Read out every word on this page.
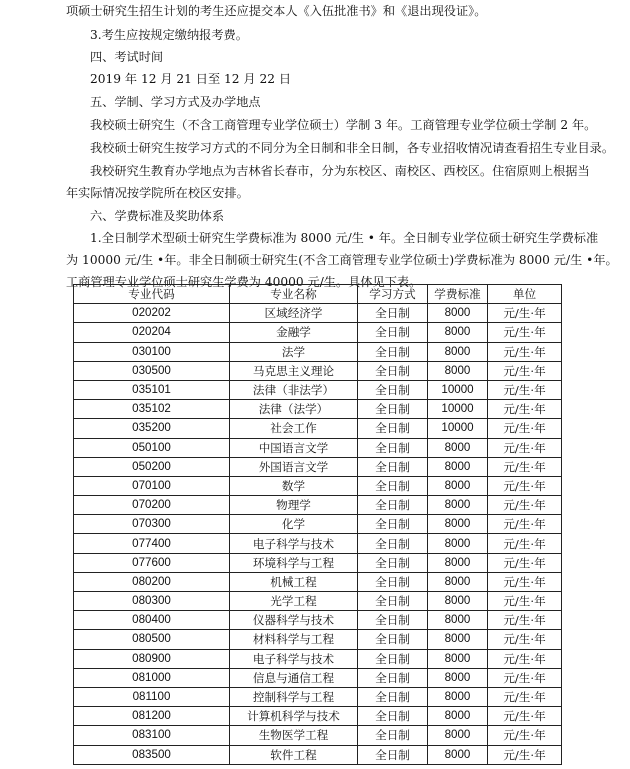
项硕士研究生招生计划的考生还应提交本人《入伍批准书》和《退出现役证》。
3.考生应按规定缴纳报考费。
四、考试时间
2019 年 12 月 21 日至 12 月 22 日
五、学制、学习方式及办学地点
我校硕士研究生（不含工商管理专业学位硕士）学制 3 年。工商管理专业学位硕士学制 2 年。
我校硕士研究生按学习方式的不同分为全日制和非全日制，各专业招收情况请查看招生专业目录。
我校研究生教育办学地点为吉林省长春市，分为东校区、南校区、西校区。住宿原则上根据当
年实际情况按学院所在校区安排。
六、学费标准及奖助体系
1.全日制学术型硕士研究生学费标准为 8000 元/生 • 年。全日制专业学位硕士研究生学费标准
为 10000 元/生 •年。非全日制硕士研究生(不含工商管理专业学位硕士)学费标准为 8000 元/生 •年。
工商管理专业学位硕士研究生学费为 40000 元/生。具体见下表。
专业代码	专业名称	学习方式	学费标准	单位
020202	区域经济学	全日制	8000	元/生·年
020204	金融学	全日制	8000	元/生·年
030100	法学	全日制	8000	元/生·年
030500	马克思主义理论	全日制	8000	元/生·年
035101	法律（非法学）	全日制	10000	元/生·年
035102	法律（法学）	全日制	10000	元/生·年
035200	社会工作	全日制	10000	元/生·年
050100	中国语言文学	全日制	8000	元/生·年
050200	外国语言文学	全日制	8000	元/生·年
070100	数学	全日制	8000	元/生·年
070200	物理学	全日制	8000	元/生·年
070300	化学	全日制	8000	元/生·年
077400	电子科学与技术	全日制	8000	元/生·年
077600	环境科学与工程	全日制	8000	元/生·年
080200	机械工程	全日制	8000	元/生·年
080300	光学工程	全日制	8000	元/生·年
080400	仪器科学与技术	全日制	8000	元/生·年
080500	材料科学与工程	全日制	8000	元/生·年
080900	电子科学与技术	全日制	8000	元/生·年
081000	信息与通信工程	全日制	8000	元/生·年
081100	控制科学与工程	全日制	8000	元/生·年
081200	计算机科学与技术	全日制	8000	元/生·年
083100	生物医学工程	全日制	8000	元/生·年
083500	软件工程	全日制	8000	元/生·年
